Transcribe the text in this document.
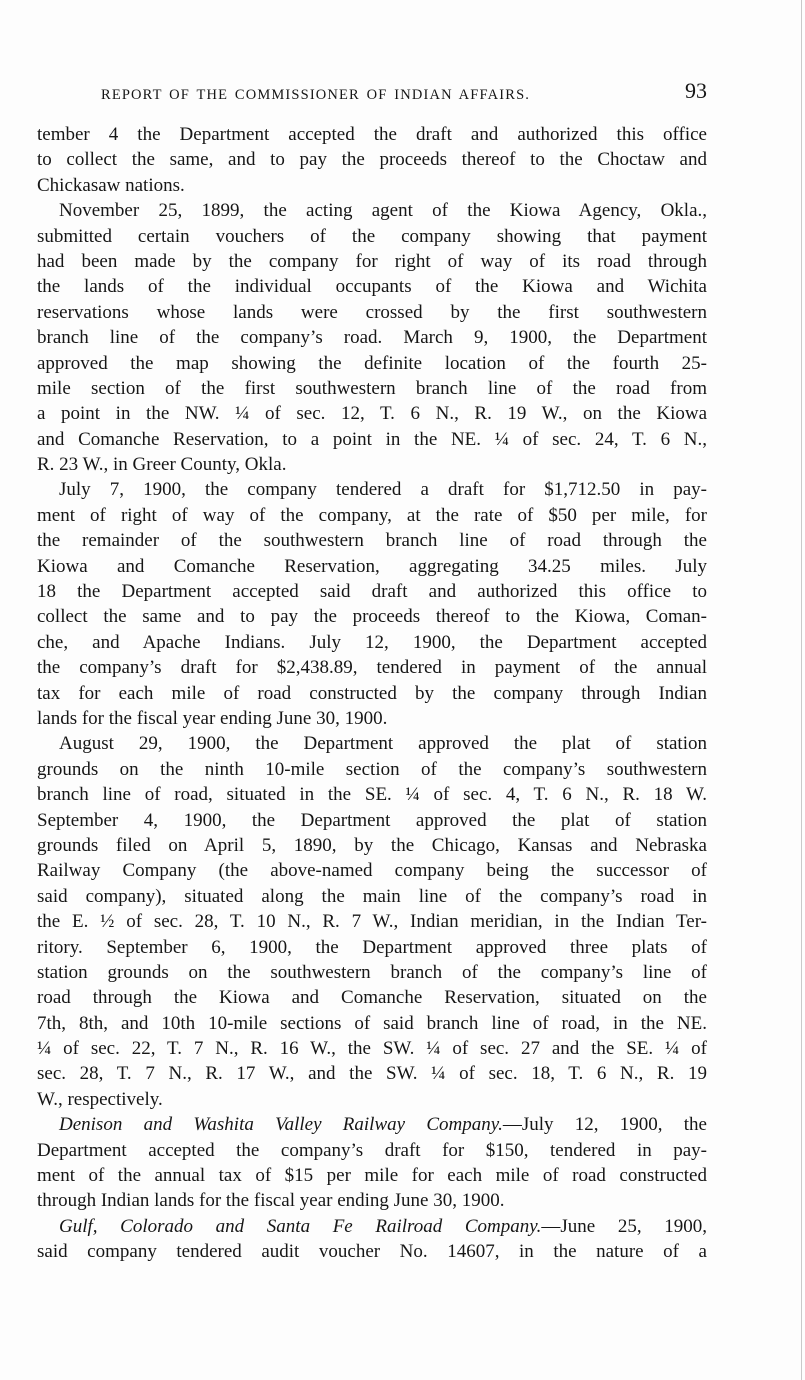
REPORT OF THE COMMISSIONER OF INDIAN AFFAIRS.	93
tember 4 the Department accepted the draft and authorized this office
to collect the same, and to pay the proceeds thereof to the Choctaw and
Chickasaw nations.
November 25, 1899, the acting agent of the Kiowa Agency, Okla.,
submitted certain vouchers of the company showing that payment
had been made by the company for right of way of its road through
the lands of the individual occupants of the Kiowa and Wichita
reservations whose lands were crossed by the first southwestern
branch line of the company’s road. March 9, 1900, the Department
approved the map showing the definite location of the fourth 25-
mile section of the first southwestern branch line of the road from
a point in the NW. ¼ of sec. 12, T. 6 N., R. 19 W., on the Kiowa
and Comanche Reservation, to a point in the NE. ¼ of sec. 24, T. 6 N.,
R. 23 W., in Greer County, Okla.
July 7, 1900, the company tendered a draft for $1,712.50 in pay-
ment of right of way of the company, at the rate of $50 per mile, for
the remainder of the southwestern branch line of road through the
Kiowa and Comanche Reservation, aggregating 34.25 miles. July
18 the Department accepted said draft and authorized this office to
collect the same and to pay the proceeds thereof to the Kiowa, Coman-
che, and Apache Indians. July 12, 1900, the Department accepted
the company’s draft for $2,438.89, tendered in payment of the annual
tax for each mile of road constructed by the company through Indian
lands for the fiscal year ending June 30, 1900.
August 29, 1900, the Department approved the plat of station
grounds on the ninth 10-mile section of the company’s southwestern
branch line of road, situated in the SE. ¼ of sec. 4, T. 6 N., R. 18 W.
September 4, 1900, the Department approved the plat of station
grounds filed on April 5, 1890, by the Chicago, Kansas and Nebraska
Railway Company (the above-named company being the successor of
said company), situated along the main line of the company’s road in
the E. ½ of sec. 28, T. 10 N., R. 7 W., Indian meridian, in the Indian Ter-
ritory. September 6, 1900, the Department approved three plats of
station grounds on the southwestern branch of the company’s line of
road through the Kiowa and Comanche Reservation, situated on the
7th, 8th, and 10th 10-mile sections of said branch line of road, in the NE.
¼ of sec. 22, T. 7 N., R. 16 W., the SW. ¼ of sec. 27 and the SE. ¼ of
sec. 28, T. 7 N., R. 17 W., and the SW. ¼ of sec. 18, T. 6 N., R. 19
W., respectively.
Denison and Washita Valley Railway Company.—July 12, 1900, the
Department accepted the company’s draft for $150, tendered in pay-
ment of the annual tax of $15 per mile for each mile of road constructed
through Indian lands for the fiscal year ending June 30, 1900.
Gulf, Colorado and Santa Fe Railroad Company.—June 25, 1900,
said company tendered audit voucher No. 14607, in the nature of a
